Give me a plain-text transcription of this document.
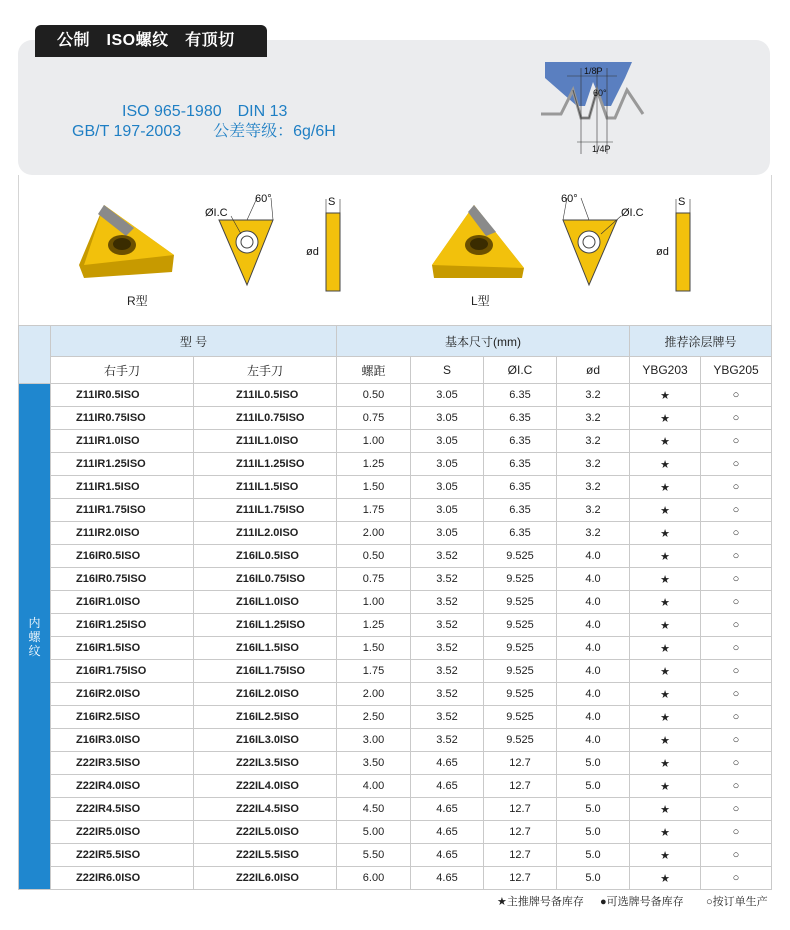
公制　ISO螺纹　有顶切
ISO 965-1980　DIN 13
GB/T 197-2003　　公差等级：6g/6H
1/8P
60°
1/4P
R型
60°
ØI.C
S
ød
L型
60°
ØI.C
S
ød
	型 号		基本尺寸(mm)				推荐涂层牌号	
	右手刀	左手刀	螺距	S	ØI.C	ød	YBG203	YBG205
内螺纹	Z11IR0.5ISO	Z11IL0.5ISO	0.50	3.05	6.35	3.2	★	○
	Z11IR0.75ISO	Z11IL0.75ISO	0.75	3.05	6.35	3.2	★	○
	Z11IR1.0ISO	Z11IL1.0ISO	1.00	3.05	6.35	3.2	★	○
	Z11IR1.25ISO	Z11IL1.25ISO	1.25	3.05	6.35	3.2	★	○
	Z11IR1.5ISO	Z11IL1.5ISO	1.50	3.05	6.35	3.2	★	○
	Z11IR1.75ISO	Z11IL1.75ISO	1.75	3.05	6.35	3.2	★	○
	Z11IR2.0ISO	Z11IL2.0ISO	2.00	3.05	6.35	3.2	★	○
	Z16IR0.5ISO	Z16IL0.5ISO	0.50	3.52	9.525	4.0	★	○
	Z16IR0.75ISO	Z16IL0.75ISO	0.75	3.52	9.525	4.0	★	○
	Z16IR1.0ISO	Z16IL1.0ISO	1.00	3.52	9.525	4.0	★	○
	Z16IR1.25ISO	Z16IL1.25ISO	1.25	3.52	9.525	4.0	★	○
	Z16IR1.5ISO	Z16IL1.5ISO	1.50	3.52	9.525	4.0	★	○
	Z16IR1.75ISO	Z16IL1.75ISO	1.75	3.52	9.525	4.0	★	○
	Z16IR2.0ISO	Z16IL2.0ISO	2.00	3.52	9.525	4.0	★	○
	Z16IR2.5ISO	Z16IL2.5ISO	2.50	3.52	9.525	4.0	★	○
	Z16IR3.0ISO	Z16IL3.0ISO	3.00	3.52	9.525	4.0	★	○
	Z22IR3.5ISO	Z22IL3.5ISO	3.50	4.65	12.7	5.0	★	○
	Z22IR4.0ISO	Z22IL4.0ISO	4.00	4.65	12.7	5.0	★	○
	Z22IR4.5ISO	Z22IL4.5ISO	4.50	4.65	12.7	5.0	★	○
	Z22IR5.0ISO	Z22IL5.0ISO	5.00	4.65	12.7	5.0	★	○
	Z22IR5.5ISO	Z22IL5.5ISO	5.50	4.65	12.7	5.0	★	○
	Z22IR6.0ISO	Z22IL6.0ISO	6.00	4.65	12.7	5.0	★	○
★主推牌号备库存 ●可选牌号备库存 ○按订单生产
